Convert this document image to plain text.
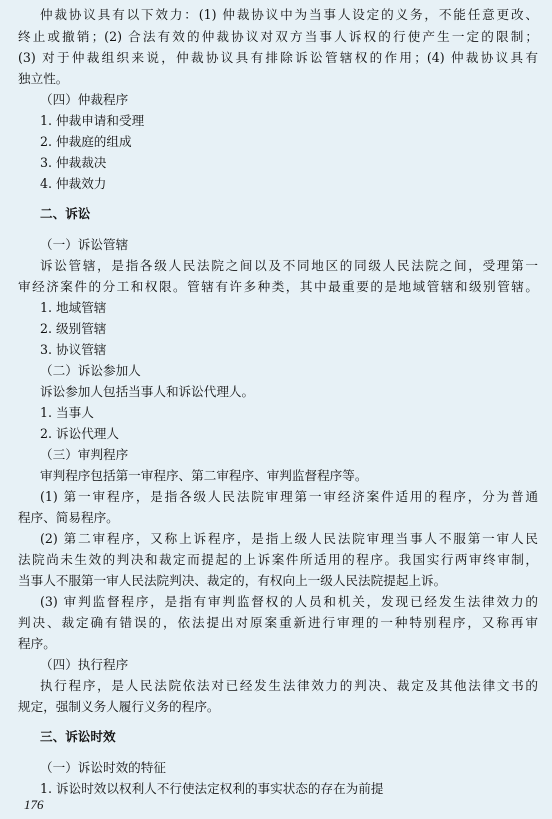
仲裁协议具有以下效力：(1) 仲裁协议中为当事人设定的义务，不能任意更改、
终止或撤销；(2) 合法有效的仲裁协议对双方当事人诉权的行使产生一定的限制；
(3) 对于仲裁组织来说，仲裁协议具有排除诉讼管辖权的作用；(4) 仲裁协议具有
独立性。
（四）仲裁程序
1. 仲裁申请和受理
2. 仲裁庭的组成
3. 仲裁裁决
4. 仲裁效力
二、诉讼
（一）诉讼管辖
诉讼管辖，是指各级人民法院之间以及不同地区的同级人民法院之间，受理第一
审经济案件的分工和权限。管辖有许多种类，其中最重要的是地域管辖和级别管辖。
1. 地域管辖
2. 级别管辖
3. 协议管辖
（二）诉讼参加人
诉讼参加人包括当事人和诉讼代理人。
1. 当事人
2. 诉讼代理人
（三）审判程序
审判程序包括第一审程序、第二审程序、审判监督程序等。
(1) 第一审程序，是指各级人民法院审理第一审经济案件适用的程序，分为普通
程序、简易程序。
(2) 第二审程序，又称上诉程序，是指上级人民法院审理当事人不服第一审人民
法院尚未生效的判决和裁定而提起的上诉案件所适用的程序。我国实行两审终审制，
当事人不服第一审人民法院判决、裁定的，有权向上一级人民法院提起上诉。
(3) 审判监督程序，是指有审判监督权的人员和机关，发现已经发生法律效力的
判决、裁定确有错误的，依法提出对原案重新进行审理的一种特别程序，又称再审
程序。
（四）执行程序
执行程序，是人民法院依法对已经发生法律效力的判决、裁定及其他法律文书的
规定，强制义务人履行义务的程序。
三、诉讼时效
（一）诉讼时效的特征
1. 诉讼时效以权利人不行使法定权利的事实状态的存在为前提
176
